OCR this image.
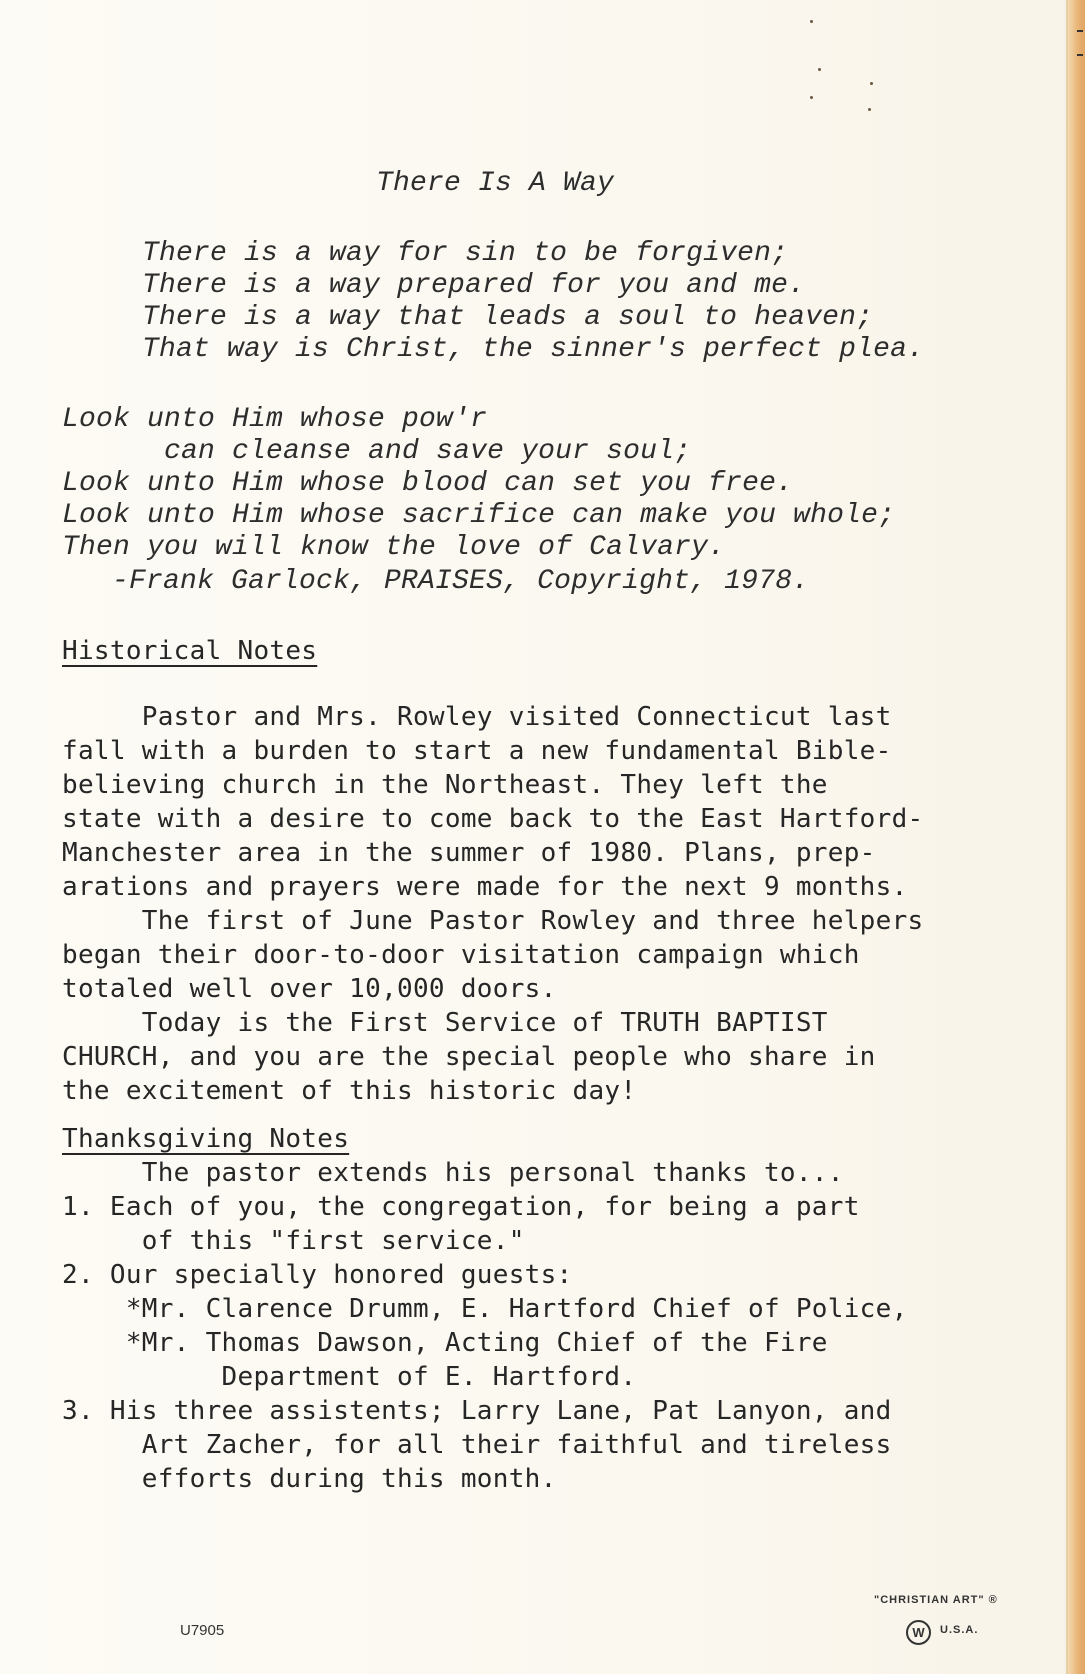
There Is A Way
There is a way for sin to be forgiven;
There is a way prepared for you and me.
There is a way that leads a soul to heaven;
That way is Christ, the sinner's perfect plea.
Look unto Him whose pow'r
can cleanse and save your soul;
Look unto Him whose blood can set you free.
Look unto Him whose sacrifice can make you whole;
Then you will know the love of Calvary.
-Frank Garlock, PRAISES, Copyright, 1978.
Historical Notes
Pastor and Mrs. Rowley visited Connecticut last
fall with a burden to start a new fundamental Bible-
believing church in the Northeast. They left the
state with a desire to come back to the East Hartford-
Manchester area in the summer of 1980. Plans, prep-
arations and prayers were made for the next 9 months.
The first of June Pastor Rowley and three helpers
began their door-to-door visitation campaign which
totaled well over 10,000 doors.
Today is the First Service of TRUTH BAPTIST
CHURCH, and you are the special people who share in
the excitement of this historic day!
Thanksgiving Notes
The pastor extends his personal thanks to...
1. Each of you, the congregation, for being a part
of this "first service."
2. Our specially honored guests:
*Mr. Clarence Drumm, E. Hartford Chief of Police,
*Mr. Thomas Dawson, Acting Chief of the Fire
Department of E. Hartford.
3. His three assistents; Larry Lane, Pat Lanyon, and
Art Zacher, for all their faithful and tireless
efforts during this month.
U7905
"CHRISTIAN ART" ®
W	U.S.A.
